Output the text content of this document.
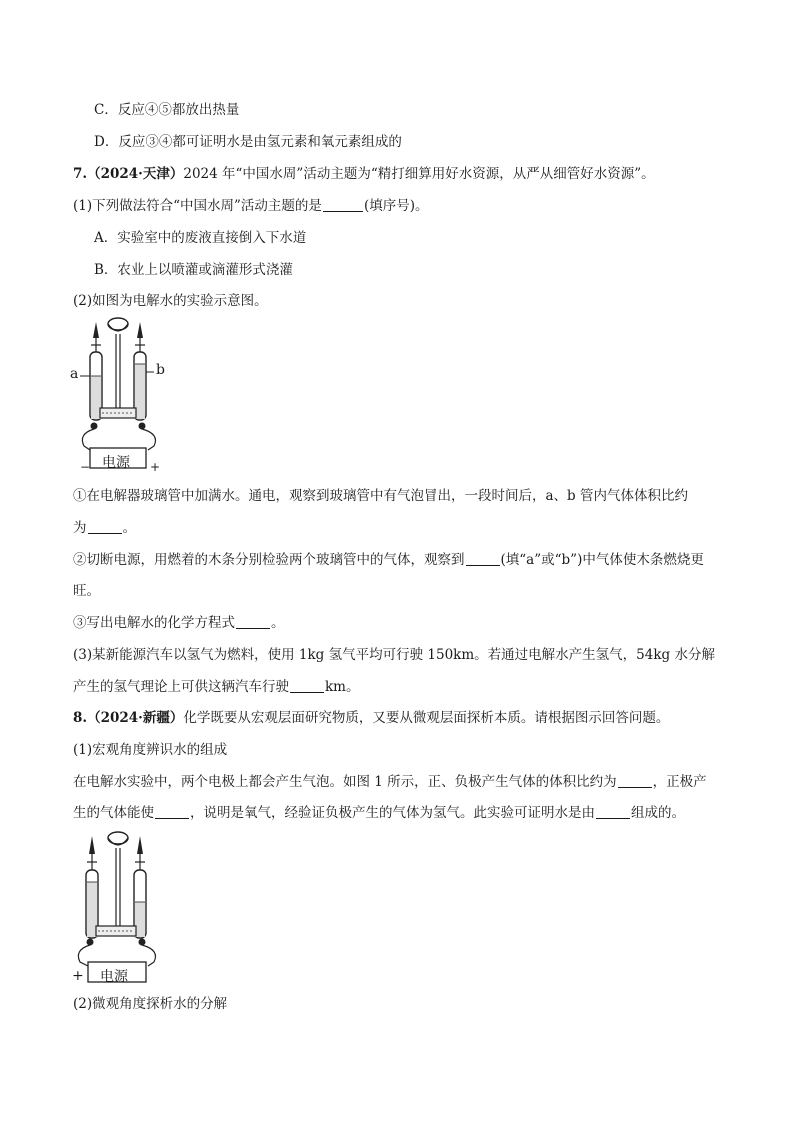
C．反应④⑤都放出热量
D．反应③④都可证明水是由氢元素和氧元素组成的
7.（2024·天津）2024 年“中国水周”活动主题为“精打细算用好水资源，从严从细管好水资源”。
(1)下列做法符合“中国水周”活动主题的是	(填序号)。
A．实验室中的废液直接倒入下水道
B．农业上以喷灌或滴灌形式浇灌
(2)如图为电解水的实验示意图。
a	b
电源
−	+
①在电解器玻璃管中加满水。通电，观察到玻璃管中有气泡冒出，一段时间后，a、b 管内气体体积比约
为	。
②切断电源，用燃着的木条分别检验两个玻璃管中的气体，观察到	(填“a”或“b”)中气体使木条燃烧更
旺。
③写出电解水的化学方程式	。
(3)某新能源汽车以氢气为燃料，使用 1kg 氢气平均可行驶 150km。若通过电解水产生氢气，54kg 水分解
产生的氢气理论上可供这辆汽车行驶	km。
8.（2024·新疆）化学既要从宏观层面研究物质，又要从微观层面探析本质。请根据图示回答问题。
(1)宏观角度辨识水的组成
在电解水实验中，两个电极上都会产生气泡。如图 1 所示，正、负极产生气体的体积比约为	，正极产
生的气体能使	，说明是氧气，经验证负极产生的气体为氢气。此实验可证明水是由	组成的。
电源
+
(2)微观角度探析水的分解
